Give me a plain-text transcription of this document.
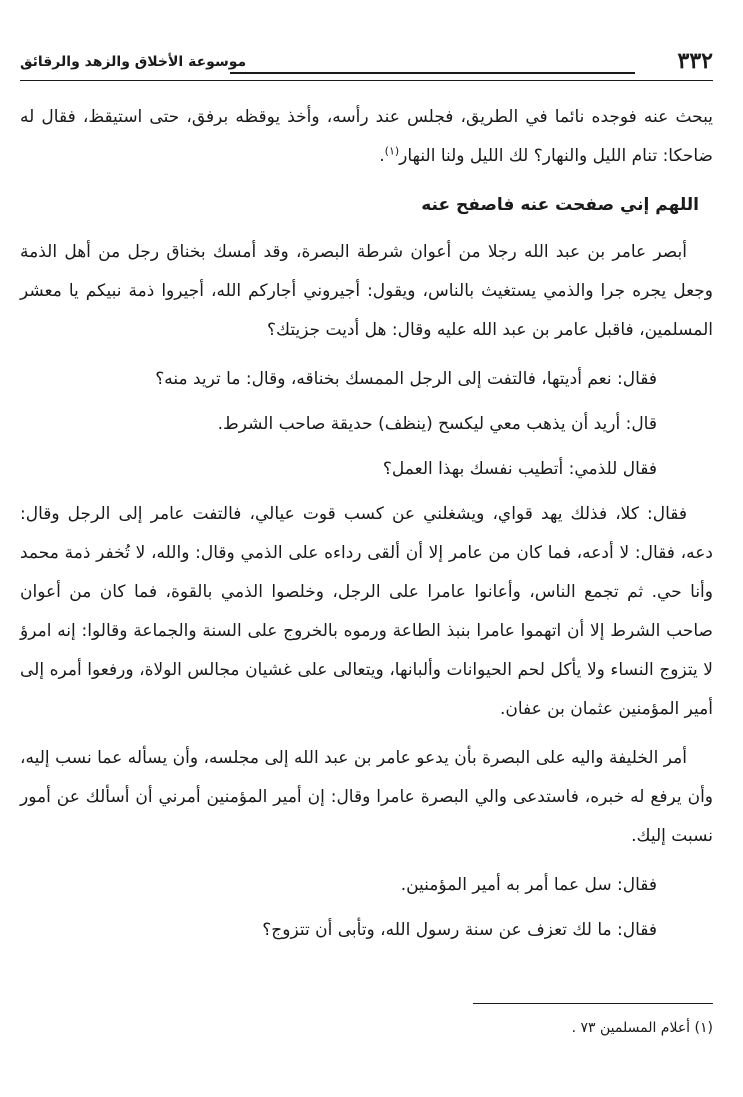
٣٣٢
موسوعة الأخلاق والزهد والرقائق

يبحث عنه فوجده نائما في الطريق، فجلس عند رأسه، وأخذ يوقظه برفق، حتى استيقظ، فقال له ضاحكا: تنام الليل والنهار؟ لك الليل ولنا النهار$^{(١)}$.

اللهم إني صفحت عنه فاصفح عنه

أبصر عامر بن عبد الله رجلا من أعوان شرطة البصرة، وقد أمسك بخناق رجل من أهل الذمة وجعل يجره جرا والذمي يستغيث بالناس، ويقول: أجيروني أجاركم الله، أجيروا ذمة نبيكم يا معشر المسلمين، فاقبل عامر بن عبد الله عليه وقال: هل أديت جزيتك؟

فقال: نعم أديتها، فالتفت إلى الرجل الممسك بخناقه، وقال: ما تريد منه؟

قال: أريد أن يذهب معي ليكسح (ينظف) حديقة صاحب الشرط.

فقال للذمي: أتطيب نفسك بهذا العمل؟

فقال: كلا، فذلك يهد قواي، ويشغلني عن كسب قوت عيالي، فالتفت عامر إلى الرجل وقال: دعه، فقال: لا أدعه، فما كان من عامر إلا أن ألقى رداءه على الذمي وقال: والله، لا تُخفر ذمة محمد وأنا حي. ثم تجمع الناس، وأعانوا عامرا على الرجل، وخلصوا الذمي بالقوة، فما كان من أعوان صاحب الشرط إلا أن اتهموا عامرا بنبذ الطاعة ورموه بالخروج على السنة والجماعة وقالوا: إنه امرؤ لا يتزوج النساء ولا يأكل لحم الحيوانات وألبانها، ويتعالى على غشيان مجالس الولاة، ورفعوا أمره إلى أمير المؤمنين عثمان بن عفان.

أمر الخليفة واليه على البصرة بأن يدعو عامر بن عبد الله إلى مجلسه، وأن يسأله عما نسب إليه، وأن يرفع له خبره، فاستدعى والي البصرة عامرا وقال: إن أمير المؤمنين أمرني أن أسألك عن أمور نسبت إليك.

فقال: سل عما أمر به أمير المؤمنين.

فقال: ما لك تعزف عن سنة رسول الله، وتأبى أن تتزوج؟

(١) أعلام المسلمين ٧٣ .
